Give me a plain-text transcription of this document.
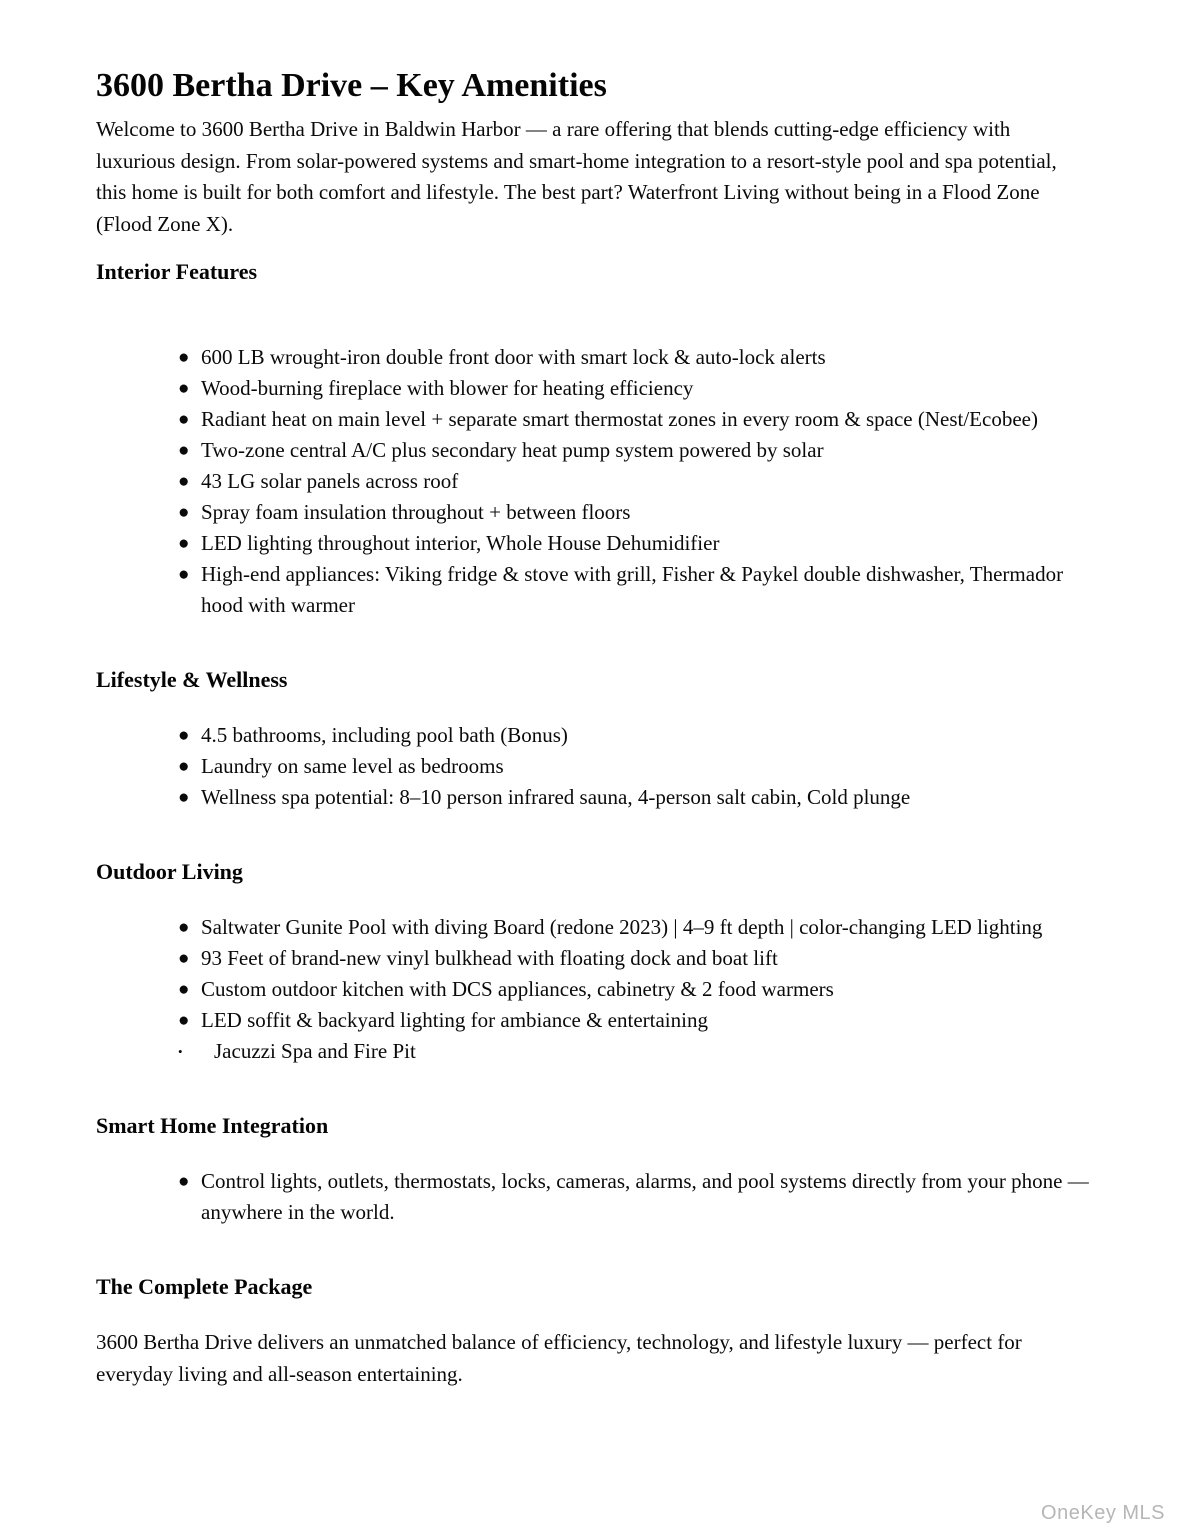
3600 Bertha Drive – Key Amenities

Welcome to 3600 Bertha Drive in Baldwin Harbor — a rare offering that blends cutting-edge efficiency with luxurious design. From solar-powered systems and smart-home integration to a resort-style pool and spa potential, this home is built for both comfort and lifestyle. The best part? Waterfront Living without being in a Flood Zone (Flood Zone X).

Interior Features
● 600 LB wrought-iron double front door with smart lock & auto-lock alerts
● Wood-burning fireplace with blower for heating efficiency
● Radiant heat on main level + separate smart thermostat zones in every room & space (Nest/Ecobee)
● Two-zone central A/C plus secondary heat pump system powered by solar
● 43 LG solar panels across roof
● Spray foam insulation throughout + between floors
● LED lighting throughout interior, Whole House Dehumidifier
● High-end appliances: Viking fridge & stove with grill, Fisher & Paykel double dishwasher, Thermador hood with warmer
Lifestyle & Wellness
● 4.5 bathrooms, including pool bath (Bonus)
● Laundry on same level as bedrooms
● Wellness spa potential: 8–10 person infrared sauna, 4-person salt cabin, Cold plunge
Outdoor Living
● Saltwater Gunite Pool with diving Board (redone 2023) | 4–9 ft depth | color-changing LED lighting
● 93 Feet of brand-new vinyl bulkhead with floating dock and boat lift
● Custom outdoor kitchen with DCS appliances, cabinetry & 2 food warmers
● LED soffit & backyard lighting for ambiance & entertaining
•	Jacuzzi Spa and Fire Pit
Smart Home Integration
● Control lights, outlets, thermostats, locks, cameras, alarms, and pool systems directly from your phone — anywhere in the world.
The Complete Package

3600 Bertha Drive delivers an unmatched balance of efficiency, technology, and lifestyle luxury — perfect for everyday living and all-season entertaining.

OneKey MLS
